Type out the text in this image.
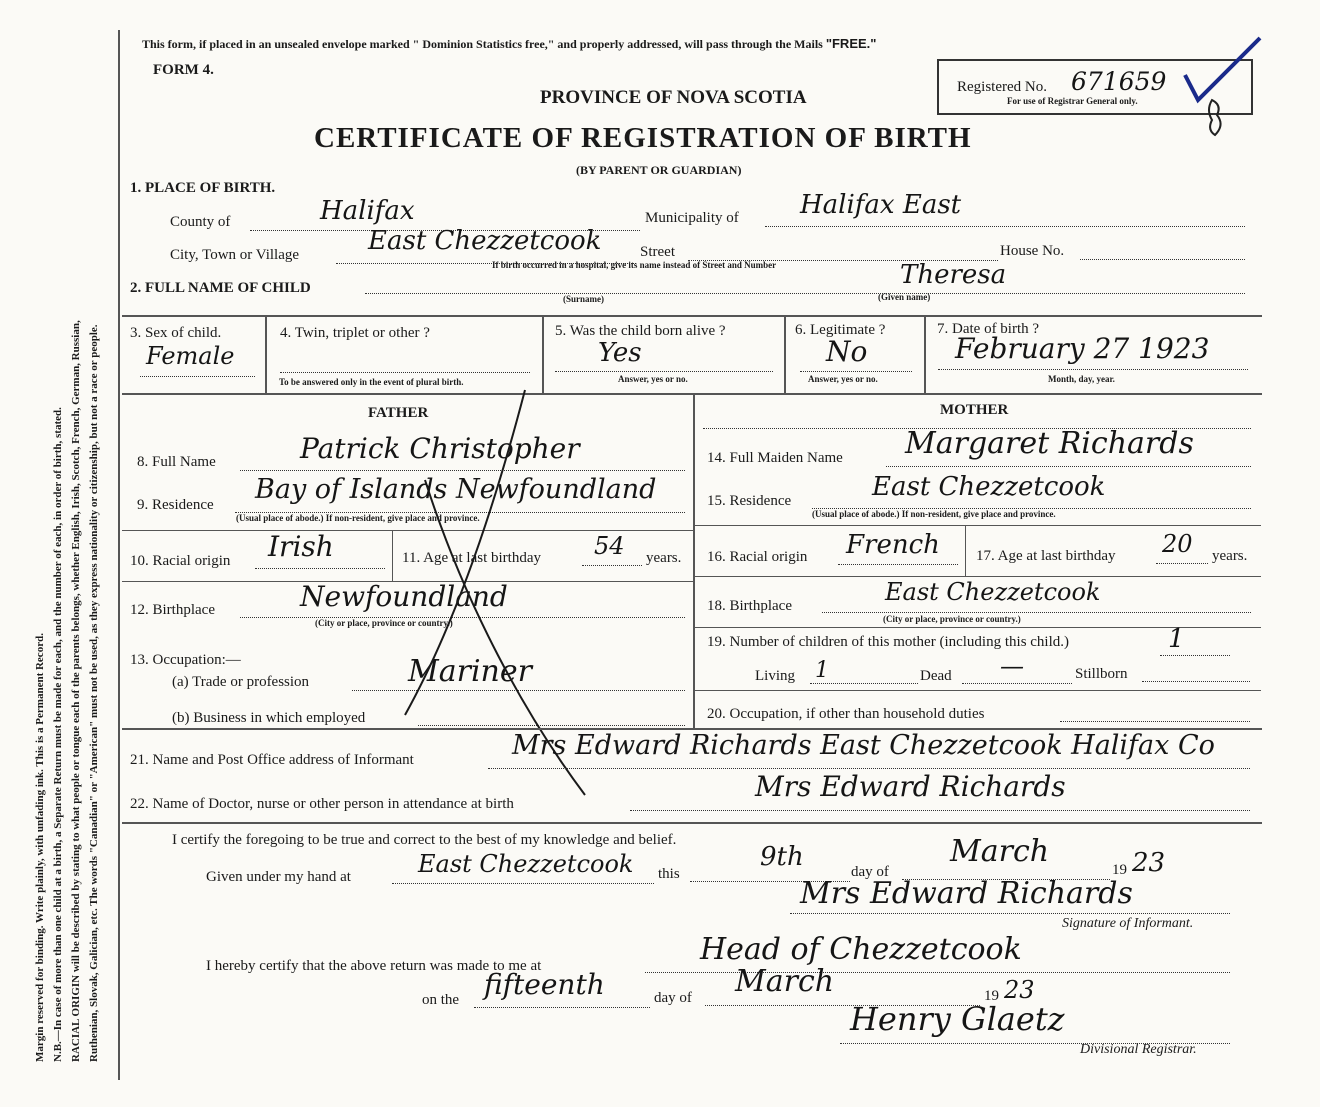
Margin reserved for binding. Write plainly, with unfading ink. This is a Permanent Record. N.B.—In case of more than one child at a birth, a Separate Return must be made for each, and the number of each, in order of birth, stated. RACIAL ORIGIN will be described by stating to what people or tongue each of the parents belongs, whether English, Irish, Scotch, French, German, Russian, Ruthenian, Slovak, Galician, etc. The words "Canadian" or "American" must not be used, as they express nationality or citizenship, but not a race or people.
This form, if placed in an unsealed envelope marked " Dominion Statistics free," and properly addressed, will pass through the Mails "FREE."
FORM 4.
PROVINCE OF NOVA SCOTIA
CERTIFICATE OF REGISTRATION OF BIRTH
(BY PARENT OR GUARDIAN)
Registered No. 671659
For use of Registrar General only.
1. PLACE OF BIRTH.
County of	Halifax	Municipality of Halifax East
City, Town or Village	East Chezzetcook	Street
If birth occurred in a hospital, give its name instead of Street and Number
House No.
2. FULL NAME OF CHILD
(Surname)
Theresa
(Given name)
3. Sex of child.
Female
4. Twin, triplet or other ?
To be answered only in the event of plural birth.
5. Was the child born alive ?
Yes
Answer, yes or no.
6. Legitimate ?
No
Answer, yes or no.
7. Date of birth ?
February 27 1923
Month, day, year.
FATHER
8. Full Name	Patrick Christopher
9. Residence Bay of Islands Newfoundland
(Usual place of abode.) If non-resident, give place and province.
10. Racial origin Irish	11. Age at last birthday 54 years.
12. Birthplace	Newfoundland
(City or place, province or country.)
13. Occupation:—
(a) Trade or profession	Mariner
(b) Business in which employed
MOTHER
14. Full Maiden Name Margaret Richards
15. Residence	East Chezzetcook
(Usual place of abode.) If non-resident, give place and province.
16. Racial origin French 17. Age at last birthday 20 years.
18. Birthplace	East Chezzetcook
(City or place, province or country.)
19. Number of children of this mother (including this child.)	1
Living 1	Dead —	Stillborn
20. Occupation, if other than household duties
21. Name and Post Office address of Informant	Mrs Edward Richards East Chezzetcook Halifax Co
22. Name of Doctor, nurse or other person in attendance at birth
Mrs Edward Richards
I certify the foregoing to be true and correct to the best of my knowledge and belief.
Given under my hand at	East Chezzetcook this
9th	day of
March
19 23
Mrs Edward Richards
Signature of Informant.
I hereby certify that the above return was made to me at	Head of Chezzetcook
on the fifteenth	day of March	19 23
Henry Glaetz
Divisional Registrar.
